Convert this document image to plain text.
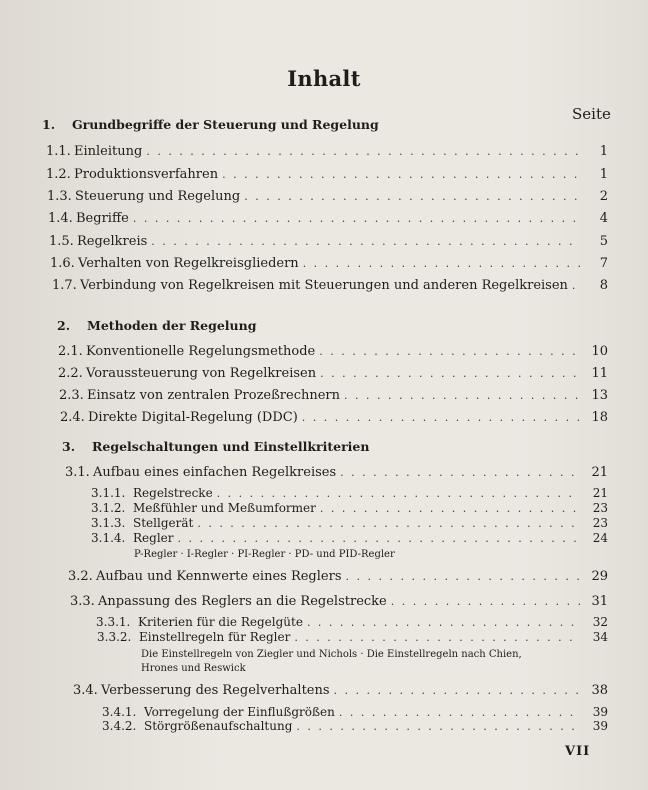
Inhalt
Seite
1. Grundbegriffe der Steuerung und Regelung
1.1. Einleitung . . .	1
1.2. Produktionsverfahren . . .	1
1.3. Steuerung und Regelung . . .	2
1.4. Begriffe . . .	4
1.5. Regelkreis . . .	5
1.6. Verhalten von Regelkreisgliedern . . .	7
1.7. Verbindung von Regelkreisen mit Steuerungen und anderen Regelkreisen . . .	8
2. Methoden der Regelung
2.1. Konventionelle Regelungsmethode . . .	10
2.2. Voraussteuerung von Regelkreisen . . .	11
2.3. Einsatz von zentralen Prozeßrechnern . . .	13
2.4. Direkte Digital-Regelung (DDC) . . .	18
3. Regelschaltungen und Einstellkriterien
3.1. Aufbau eines einfachen Regelkreises . . .	21
3.1.1. Regelstrecke . . .	21
3.1.2. Meßfühler und Meßumformer . . .	23
3.1.3. Stellgerät . . .	23
3.1.4. Regler . . .	24
P-Regler · I-Regler · PI-Regler · PD- und PID-Regler
3.2. Aufbau und Kennwerte eines Reglers . . .	29
3.3. Anpassung des Reglers an die Regelstrecke . . .	31
3.3.1. Kriterien für die Regelgüte . . .	32
3.3.2. Einstellregeln für Regler . . .	34
Die Einstellregeln von Ziegler und Nichols · Die Einstellregeln nach Chien,
Hrones und Reswick
3.4. Verbesserung des Regelverhaltens . . .	38
3.4.1. Vorregelung der Einflußgrößen . . .	39
3.4.2. Störgrößenaufschaltung . . .	39
VII
